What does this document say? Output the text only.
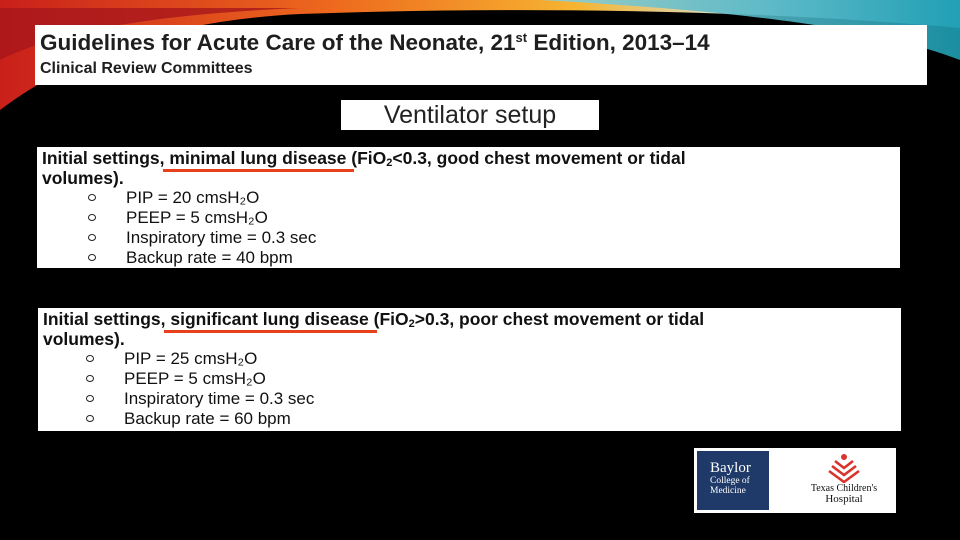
Guidelines for Acute Care of the Neonate, 21st Edition, 2013–14
Clinical Review Committees
Ventilator setup
Initial settings, minimal lung disease (FiO$_2$<0.3, good chest movement or tidal
volumes).
PIP = 20 cmsH₂O
PEEP = 5 cmsH₂O
Inspiratory time = 0.3 sec
Backup rate = 40 bpm
Initial settings, significant lung disease (FiO$_2$>0.3, poor chest movement or tidal
volumes).
PIP = 25 cmsH₂O
PEEP = 5 cmsH₂O
Inspiratory time = 0.3 sec
Backup rate = 60 bpm
Baylor
College of
Medicine	Texas Children's
Hospital
